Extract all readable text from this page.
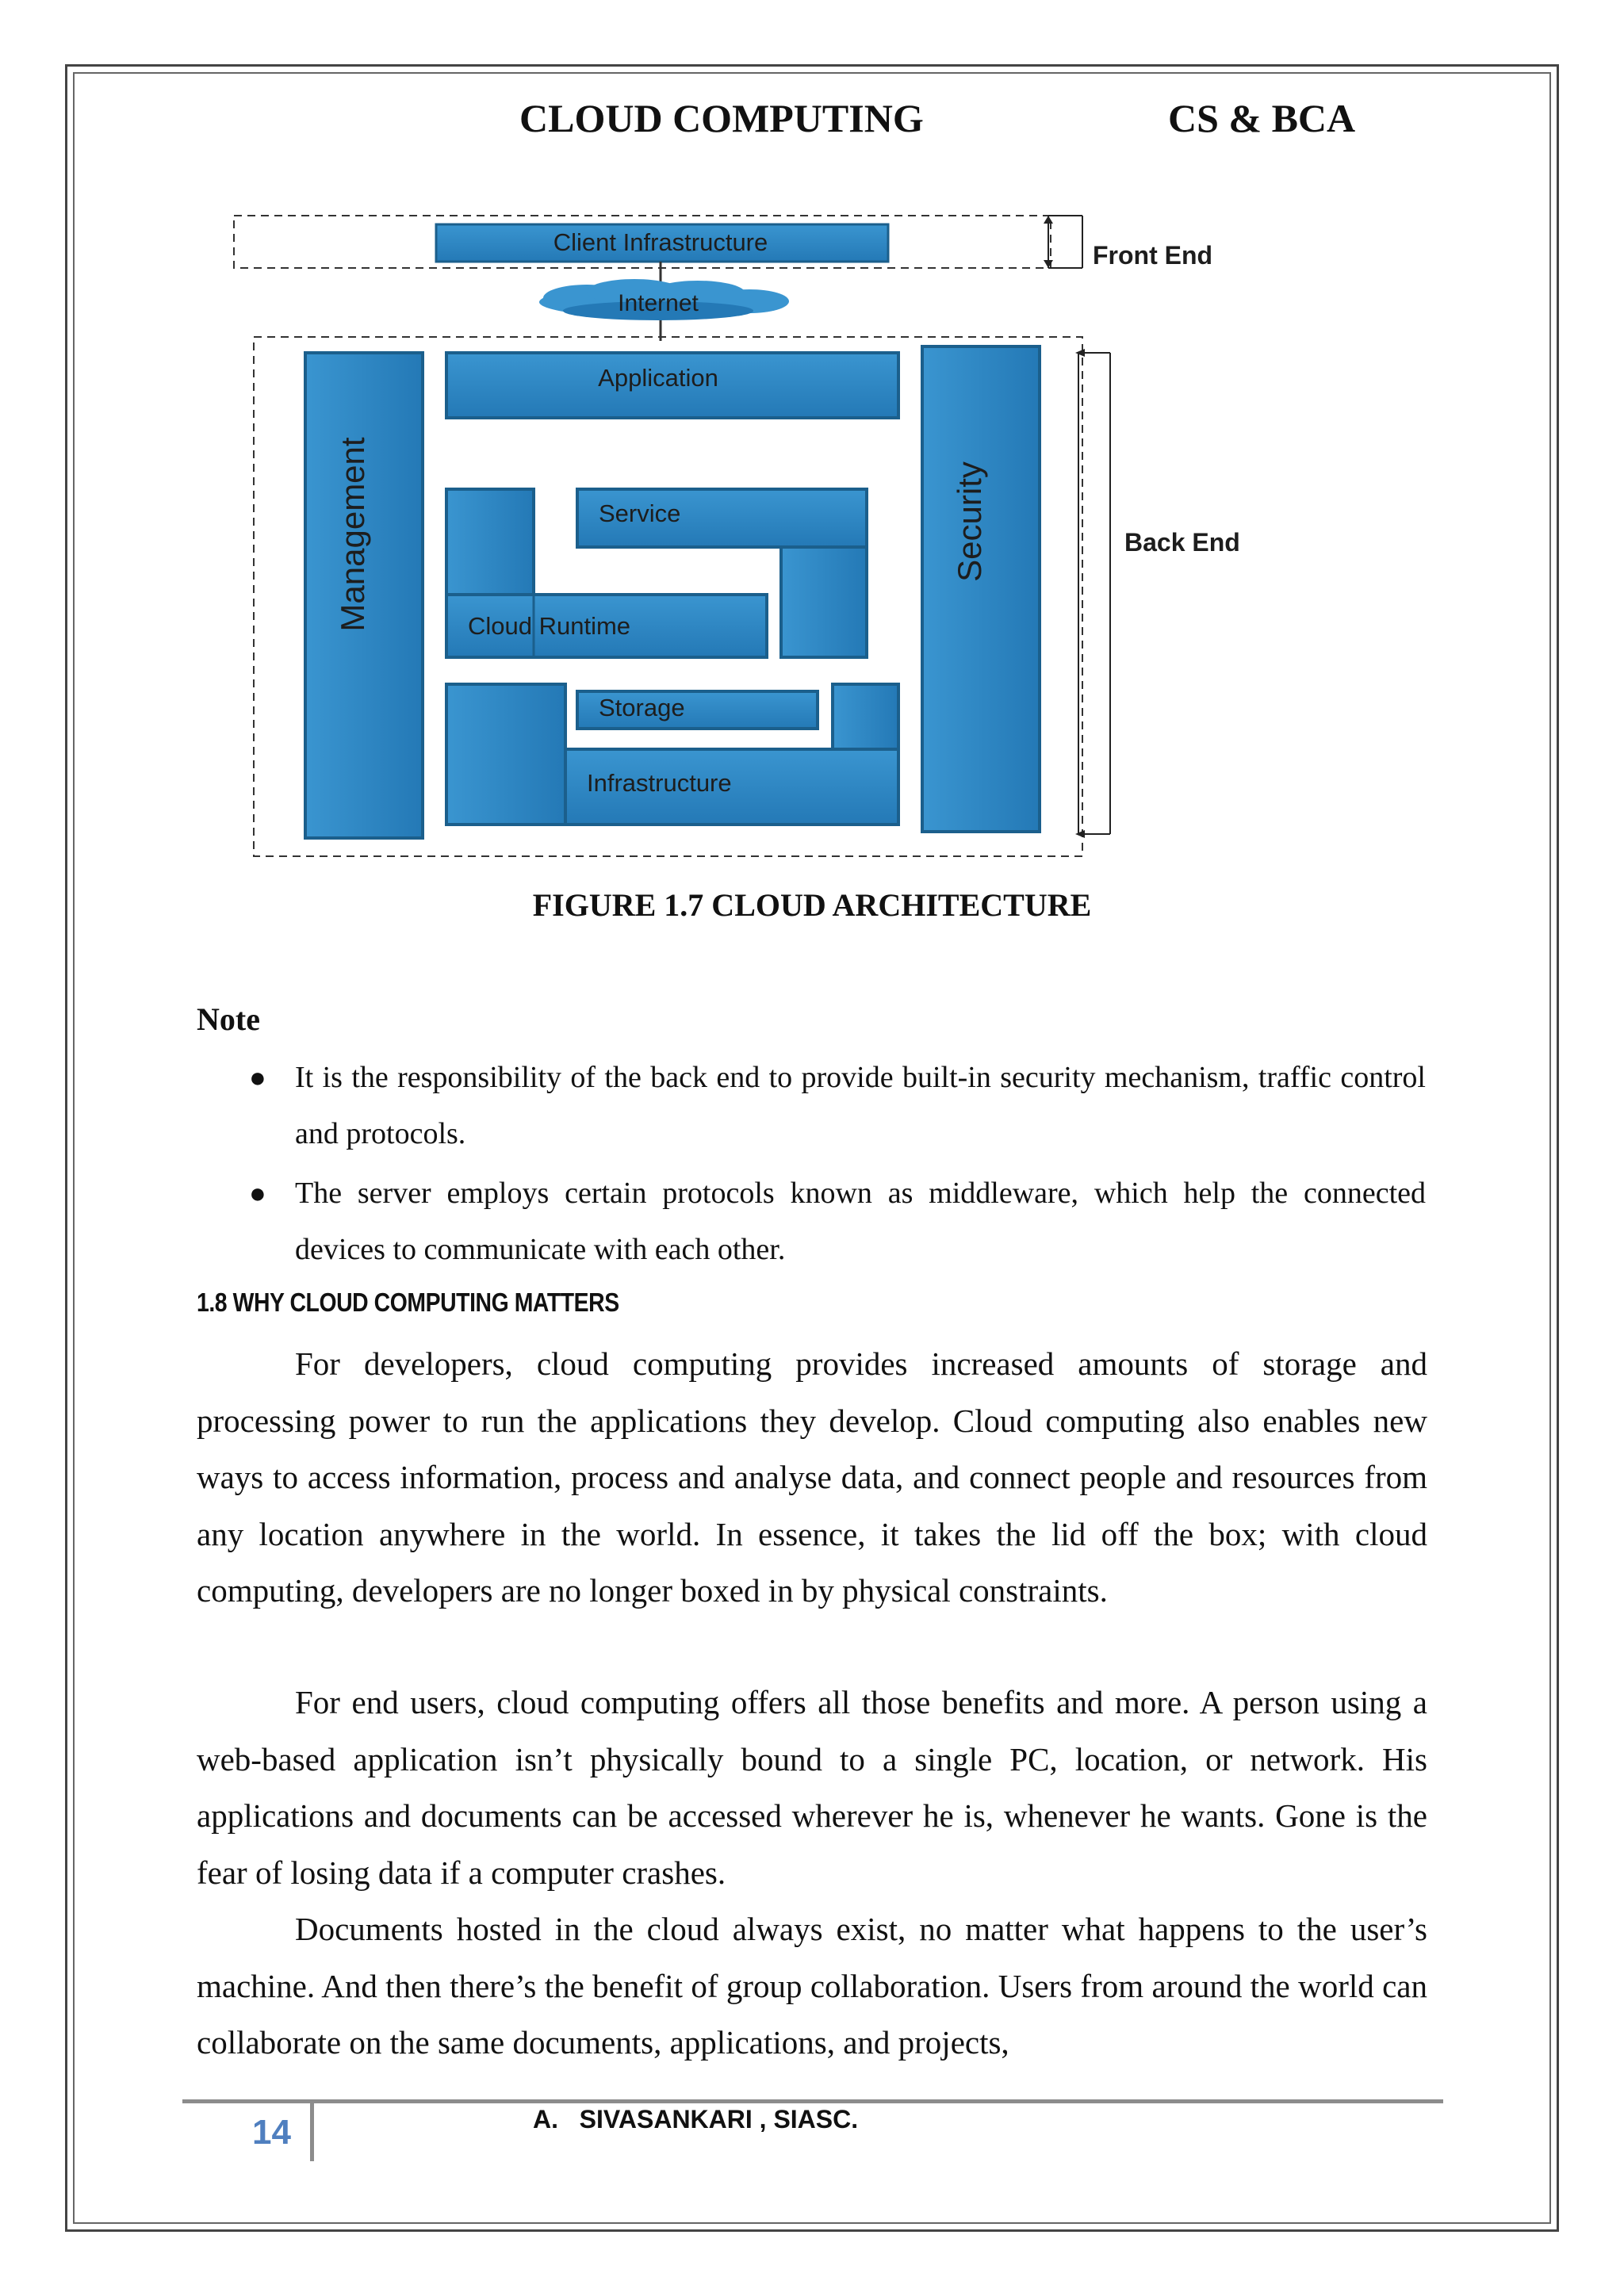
CLOUD COMPUTING	CS & BCA
Client Infrastructure	Front End
Internet
Management
Application
Security
Service
Cloud Runtime
Storage
Infrastructure
Back End
FIGURE 1.7 CLOUD ARCHITECTURE
Note
● It is the responsibility of the back end to provide built-in security mechanism, traffic control and protocols.
● The server employs certain protocols known as middleware, which help the connected devices to communicate with each other.
1.8 WHY CLOUD COMPUTING MATTERS

For developers, cloud computing provides increased amounts of storage and processing power to run the applications they develop. Cloud computing also enables new ways to access information, process and analyse data, and connect people and resources from any location anywhere in the world. In essence, it takes the lid off the box; with cloud computing, developers are no longer boxed in by physical constraints.

For end users, cloud computing offers all those benefits and more. A person using a web-based application isn’t physically bound to a single PC, location, or network. His applications and documents can be accessed wherever he is, whenever he wants. Gone is the fear of losing data if a computer crashes.

Documents hosted in the cloud always exist, no matter what happens to the user’s machine. And then there’s the benefit of group collaboration. Users from around the world can collaborate on the same documents, applications, and projects,

14	A.   SIVASANKARI , SIASC.
